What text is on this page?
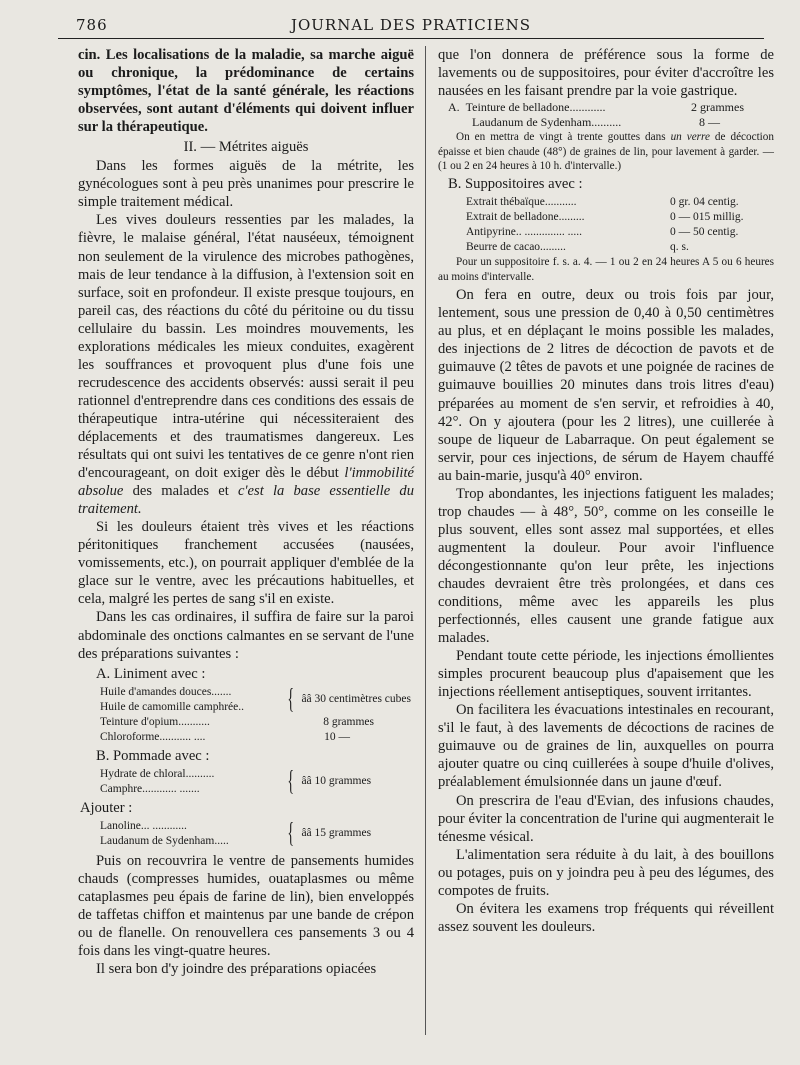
786	JOURNAL DES PRATICIENS

cin. Les localisations de la maladie, sa marche aiguë ou chronique, la prédominance de certains symptômes, l'état de la santé générale, les réactions observées, sont autant d'éléments qui doivent influer sur la thérapeutique.

II. — Métrites aiguës

Dans les formes aiguës de la métrite, les gynécologues sont à peu près unanimes pour prescrire le simple traitement médical.

Les vives douleurs ressenties par les malades, la fièvre, le malaise général, l'état nauséeux, témoignent non seulement de la virulence des microbes pathogènes, mais de leur tendance à la diffusion, à l'extension soit en surface, soit en profondeur. Il existe presque toujours, en pareil cas, des réactions du côté du péritoine ou du tissu cellulaire du bassin. Les moindres mouvements, les explorations médicales les mieux conduites, exagèrent les souffrances et provoquent plus d'une fois une recrudescence des accidents observés: aussi serait il peu rationnel d'entreprendre dans ces conditions des essais de thérapeutique intra-utérine qui nécessiteraient des déplacements et des traumatismes dangereux. Les résultats qui ont suivi les tentatives de ce genre n'ont rien d'encourageant, on doit exiger dès le début l'immobilité absolue des malades et c'est la base essentielle du traitement.

Si les douleurs étaient très vives et les réactions péritonitiques franchement accusées (nausées, vomissements, etc.), on pourrait appliquer d'emblée de la glace sur le ventre, avec les précautions habituelles, et cela, malgré les pertes de sang s'il en existe.

Dans les cas ordinaires, il suffira de faire sur la paroi abdominale des onctions calmantes en se servant de l'une des préparations suivantes :

A. Liniment avec :

Huile d'amandes douces.......
Huile de camomille camphrée..	{ ââ 30 centimètres cubes
Teinture d'opium...........	8 grammes
Chloroforme........... ....	10 —

B. Pommade avec :

Hydrate de chloral..........
Camphre............ .......	{ ââ 10 grammes

Ajouter :

Lanoline... ............
Laudanum de Sydenham.....	{ ââ 15 grammes

Puis on recouvrira le ventre de pansements humides chauds (compresses humides, ouataplasmes ou même cataplasmes peu épais de farine de lin), bien enveloppés de taffetas chiffon et maintenus par une bande de crépon ou de flanelle. On renouvellera ces pansements 3 ou 4 fois dans les vingt-quatre heures.

Il sera bon d'y joindre des préparations opiacées

que l'on donnera de préférence sous la forme de lavements ou de suppositoires, pour éviter d'accroître les nausées en les faisant prendre par la voie gastrique.

A. Teinture de belladone............	2 grammes
Laudanum de Sydenham..........	8 —

On en mettra de vingt à trente gouttes dans un verre de décoction épaisse et bien chaude (48°) de graines de lin, pour lavement à garder. — (1 ou 2 en 24 heures à 10 h. d'intervalle.)

B. Suppositoires avec :

Extrait thébaïque...........	0 gr. 04 centig.
Extrait de belladone.........	0 — 015 millig.
Antipyrine.. .............. .....	0 — 50 centig.
Beurre de cacao.........	q. s.

Pour un suppositoire f. s. a. 4. — 1 ou 2 en 24 heures A 5 ou 6 heures au moins d'intervalle.

On fera en outre, deux ou trois fois par jour, lentement, sous une pression de 0,40 à 0,50 centimètres au plus, et en déplaçant le moins possible les malades, des injections de 2 litres de décoction de pavots et de guimauve (2 têtes de pavots et une poignée de racines de guimauve bouillies 20 minutes dans trois litres d'eau) préparées au moment de s'en servir, et refroidies à 40, 42°. On y ajoutera (pour les 2 litres), une cuillerée à soupe de liqueur de Labarraque. On peut également se servir, pour ces injections, de sérum de Hayem chauffé au bain-marie, jusqu'à 40° environ.

Trop abondantes, les injections fatiguent les malades; trop chaudes — à 48°, 50°, comme on les conseille le plus souvent, elles sont assez mal supportées, et elles augmentent la douleur. Pour avoir l'influence décongestionnante qu'on leur prête, les injections chaudes devraient être très prolongées, et dans ces conditions, même avec les appareils les plus perfectionnés, elles causent une grande fatigue aux malades.

Pendant toute cette période, les injections émollientes simples procurent beaucoup plus d'apaisement que les injections réellement antiseptiques, souvent irritantes.

On facilitera les évacuations intestinales en recourant, s'il le faut, à des lavements de décoctions de racines de guimauve ou de graines de lin, auxquelles on pourra ajouter quatre ou cinq cuillerées à soupe d'huile d'olives, préalablement émulsionnée dans un jaune d'œuf.

On prescrira de l'eau d'Evian, des infusions chaudes, pour éviter la concentration de l'urine qui augmenterait le ténesme vésical.

L'alimentation sera réduite à du lait, à des bouillons ou potages, puis on y joindra peu à peu des légumes, des compotes de fruits.

On évitera les examens trop fréquents qui réveillent assez souvent les douleurs.
